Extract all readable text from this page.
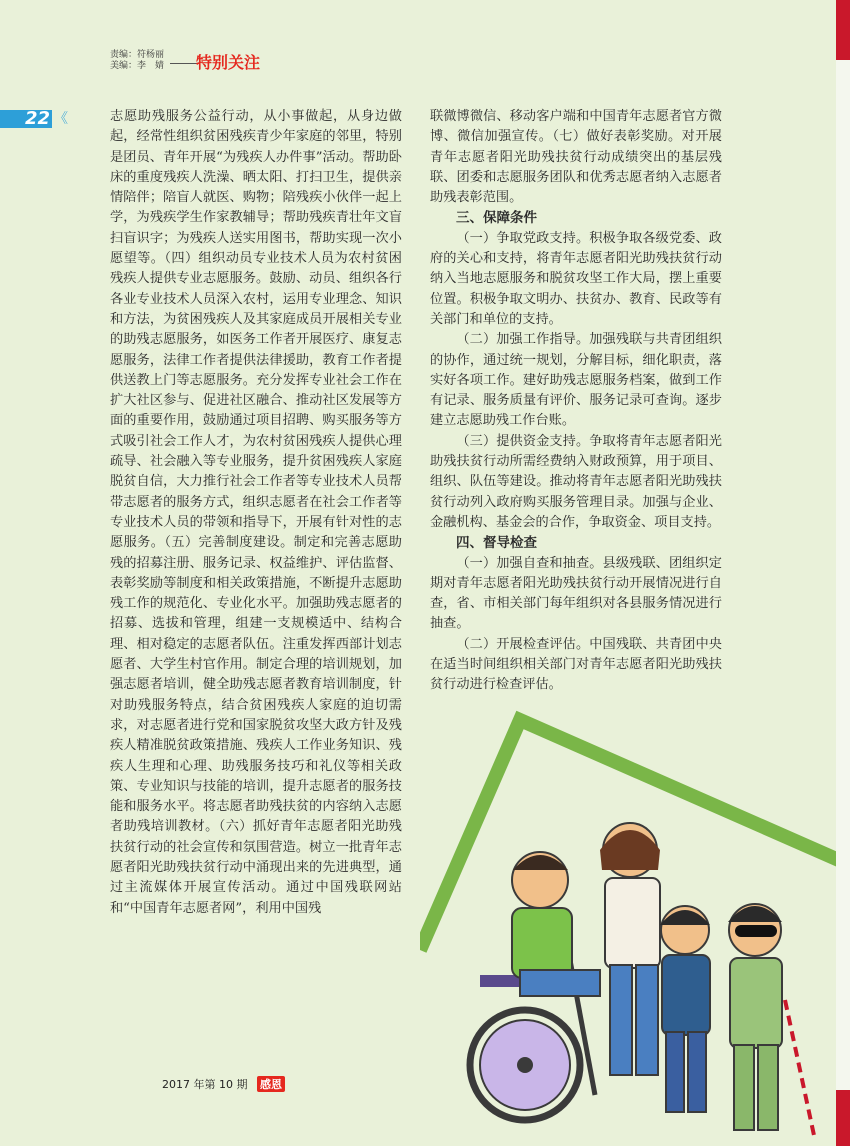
责编：符杨丽
美编：李　婧 特别关注
22 《	志愿助残服务公益行动，从小事做起，从身边做起，经常性组织贫困残疾青少年家庭的邻里，特别是团员、青年开展“为残疾人办件事”活动。帮助卧床的重度残疾人洗澡、晒太阳、打扫卫生，提供亲情陪伴；陪盲人就医、购物；陪残疾小伙伴一起上学，为残疾学生作家教辅导；帮助残疾青壮年文盲扫盲识字；为残疾人送实用图书，帮助实现一次小愿望等。（四）组织动员专业技术人员为农村贫困残疾人提供专业志愿服务。鼓励、动员、组织各行各业专业技术人员深入农村，运用专业理念、知识和方法，为贫困残疾人及其家庭成员开展相关专业的助残志愿服务，如医务工作者开展医疗、康复志愿服务，法律工作者提供法律援助，教育工作者提供送教上门等志愿服务。充分发挥专业社会工作在扩大社区参与、促进社区融合、推动社区发展等方面的重要作用，鼓励通过项目招聘、购买服务等方式吸引社会工作人才，为农村贫困残疾人提供心理疏导、社会融入等专业服务，提升贫困残疾人家庭脱贫自信，大力推行社会工作者等专业技术人员帮带志愿者的服务方式，组织志愿者在社会工作者等专业技术人员的带领和指导下，开展有针对性的志愿服务。（五）完善制度建设。制定和完善志愿助残的招募注册、服务记录、权益维护、评估监督、表彰奖励等制度和相关政策措施，不断提升志愿助残工作的规范化、专业化水平。加强助残志愿者的招募、选拔和管理，组建一支规模适中、结构合理、相对稳定的志愿者队伍。注重发挥西部计划志愿者、大学生村官作用。制定合理的培训规划，加强志愿者培训，健全助残志愿者教育培训制度，针对助残服务特点，结合贫困残疾人家庭的迫切需求，对志愿者进行党和国家脱贫攻坚大政方针及残疾人精准脱贫政策措施、残疾人工作业务知识、残疾人生理和心理、助残服务技巧和礼仪等相关政策、专业知识与技能的培训，提升志愿者的服务技能和服务水平。将志愿者助残扶贫的内容纳入志愿者助残培训教材。（六）抓好青年志愿者阳光助残扶贫行动的社会宣传和氛围营造。树立一批青年志愿者阳光助残扶贫行动中涌现出来的先进典型，通过主流媒体开展宣传活动。通过中国残联网站和“中国青年志愿者网”，利用中国残

联微博微信、移动客户端和中国青年志愿者官方微博、微信加强宣传。（七）做好表彰奖励。对开展青年志愿者阳光助残扶贫行动成绩突出的基层残联、团委和志愿服务团队和优秀志愿者纳入志愿者助残表彰范围。

三、保障条件

（一）争取党政支持。积极争取各级党委、政府的关心和支持，将青年志愿者阳光助残扶贫行动纳入当地志愿服务和脱贫攻坚工作大局，摆上重要位置。积极争取文明办、扶贫办、教育、民政等有关部门和单位的支持。

（二）加强工作指导。加强残联与共青团组织的协作，通过统一规划，分解目标，细化职责，落实好各项工作。建好助残志愿服务档案，做到工作有记录、服务质量有评价、服务记录可查询。逐步建立志愿助残工作台账。

（三）提供资金支持。争取将青年志愿者阳光助残扶贫行动所需经费纳入财政预算，用于项目、组织、队伍等建设。推动将青年志愿者阳光助残扶贫行动列入政府购买服务管理目录。加强与企业、金融机构、基金会的合作，争取资金、项目支持。

四、督导检查

（一）加强自查和抽查。县级残联、团组织定期对青年志愿者阳光助残扶贫行动开展情况进行自查，省、市相关部门每年组织对各县服务情况进行抽查。

（二）开展检查评估。中国残联、共青团中央在适当时间组织相关部门对青年志愿者阳光助残扶贫行动进行检查评估。

2017 年第 10 期 感恩
